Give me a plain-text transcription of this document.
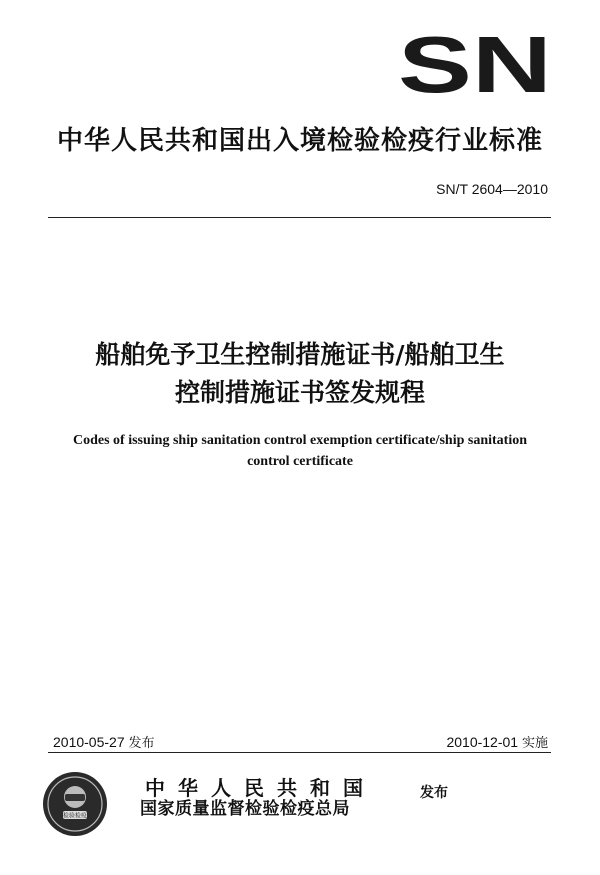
SN
中华人民共和国出入境检验检疫行业标准
SN/T 2604—2010
船舶免予卫生控制措施证书/船舶卫生
控制措施证书签发规程
Codes of issuing ship sanitation control exemption certificate/ship sanitation
control certificate
2010-05-27 发布	2010-12-01 实施
检验检疫
中华人民共和国
国家质量监督检验检疫总局
发布
